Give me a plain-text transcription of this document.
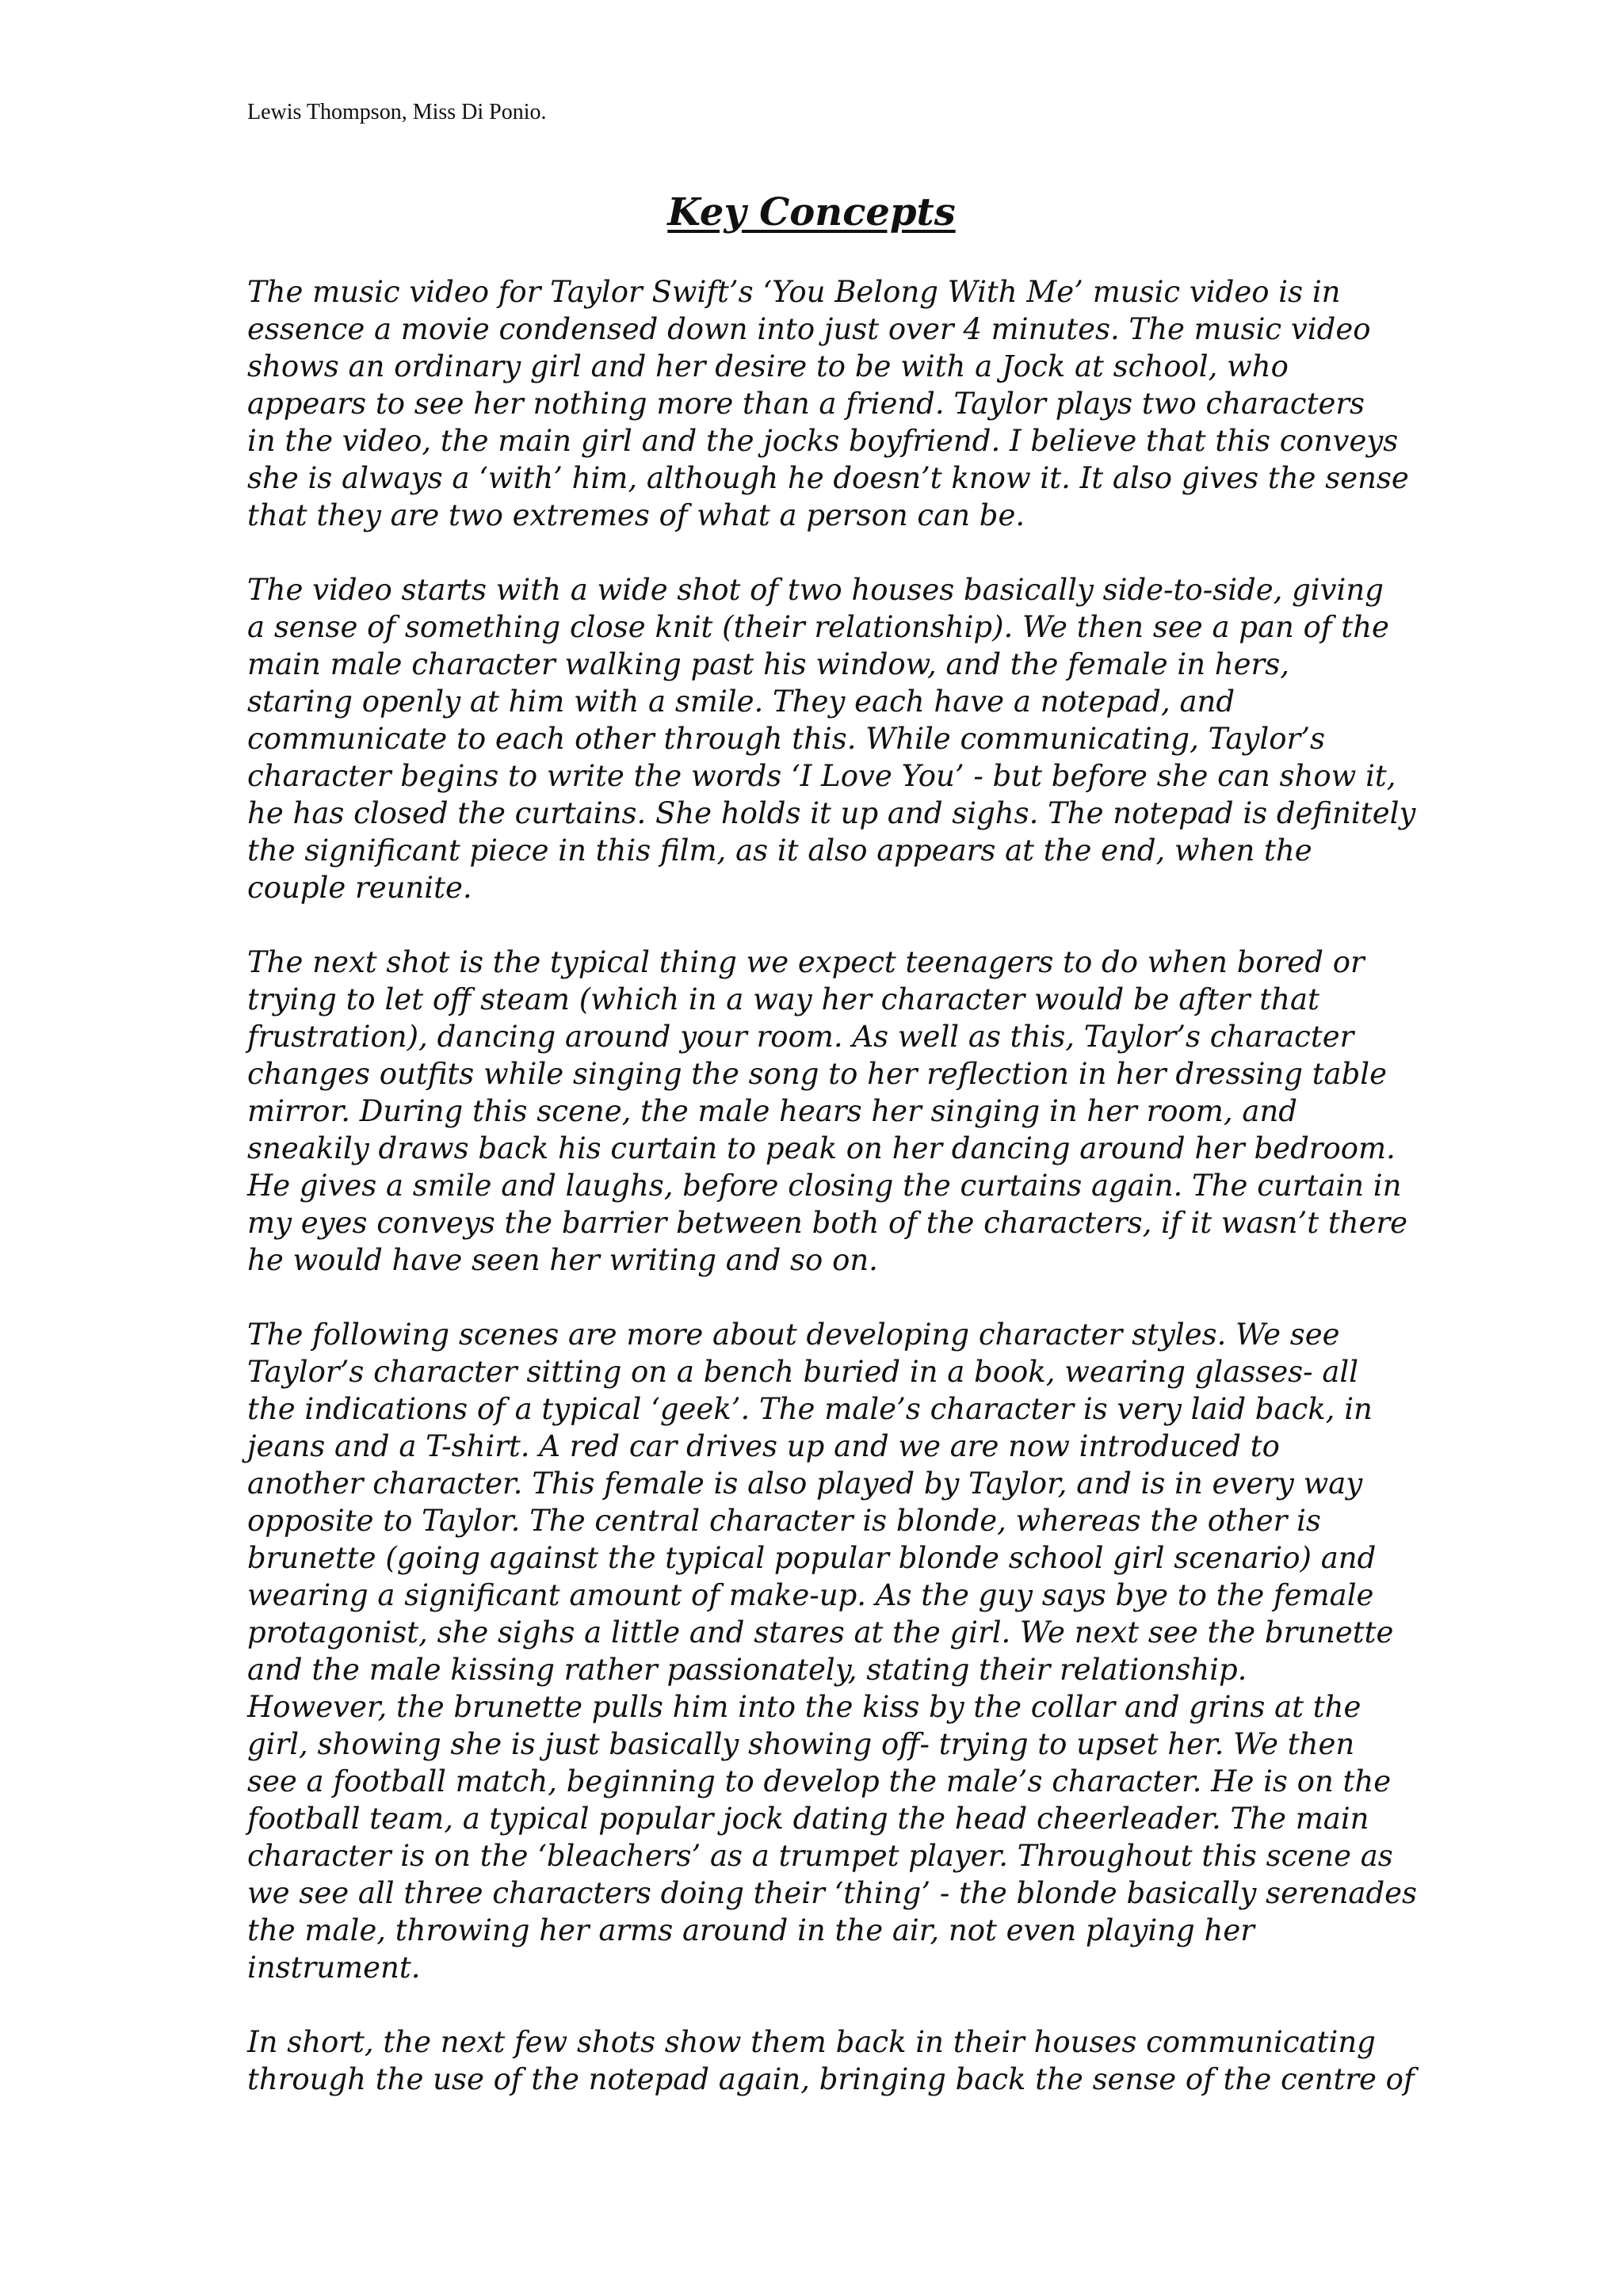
Lewis Thompson, Miss Di Ponio.
Key Concepts
The music video for Taylor Swift’s ‘You Belong With Me’ music video is in
essence a movie condensed down into just over 4 minutes. The music video
shows an ordinary girl and her desire to be with a Jock at school, who
appears to see her nothing more than a friend. Taylor plays two characters
in the video, the main girl and the jocks boyfriend. I believe that this conveys
she is always a ‘with’ him, although he doesn’t know it. It also gives the sense
that they are two extremes of what a person can be.
The video starts with a wide shot of two houses basically side-to-side, giving
a sense of something close knit (their relationship). We then see a pan of the
main male character walking past his window, and the female in hers,
staring openly at him with a smile. They each have a notepad, and
communicate to each other through this. While communicating, Taylor’s
character begins to write the words ‘I Love You’ - but before she can show it,
he has closed the curtains. She holds it up and sighs. The notepad is definitely
the significant piece in this film, as it also appears at the end, when the
couple reunite.
The next shot is the typical thing we expect teenagers to do when bored or
trying to let off steam (which in a way her character would be after that
frustration), dancing around your room. As well as this, Taylor’s character
changes outfits while singing the song to her reflection in her dressing table
mirror. During this scene, the male hears her singing in her room, and
sneakily draws back his curtain to peak on her dancing around her bedroom.
He gives a smile and laughs, before closing the curtains again. The curtain in
my eyes conveys the barrier between both of the characters, if it wasn’t there
he would have seen her writing and so on.
The following scenes are more about developing character styles. We see
Taylor’s character sitting on a bench buried in a book, wearing glasses- all
the indications of a typical ‘geek’. The male’s character is very laid back, in
jeans and a T-shirt. A red car drives up and we are now introduced to
another character. This female is also played by Taylor, and is in every way
opposite to Taylor. The central character is blonde, whereas the other is
brunette (going against the typical popular blonde school girl scenario) and
wearing a significant amount of make-up. As the guy says bye to the female
protagonist, she sighs a little and stares at the girl. We next see the brunette
and the male kissing rather passionately, stating their relationship.
However, the brunette pulls him into the kiss by the collar and grins at the
girl, showing she is just basically showing off- trying to upset her. We then
see a football match, beginning to develop the male’s character. He is on the
football team, a typical popular jock dating the head cheerleader. The main
character is on the ‘bleachers’ as a trumpet player. Throughout this scene as
we see all three characters doing their ‘thing’ - the blonde basically serenades
the male, throwing her arms around in the air, not even playing her
instrument.
In short, the next few shots show them back in their houses communicating
through the use of the notepad again, bringing back the sense of the centre of
